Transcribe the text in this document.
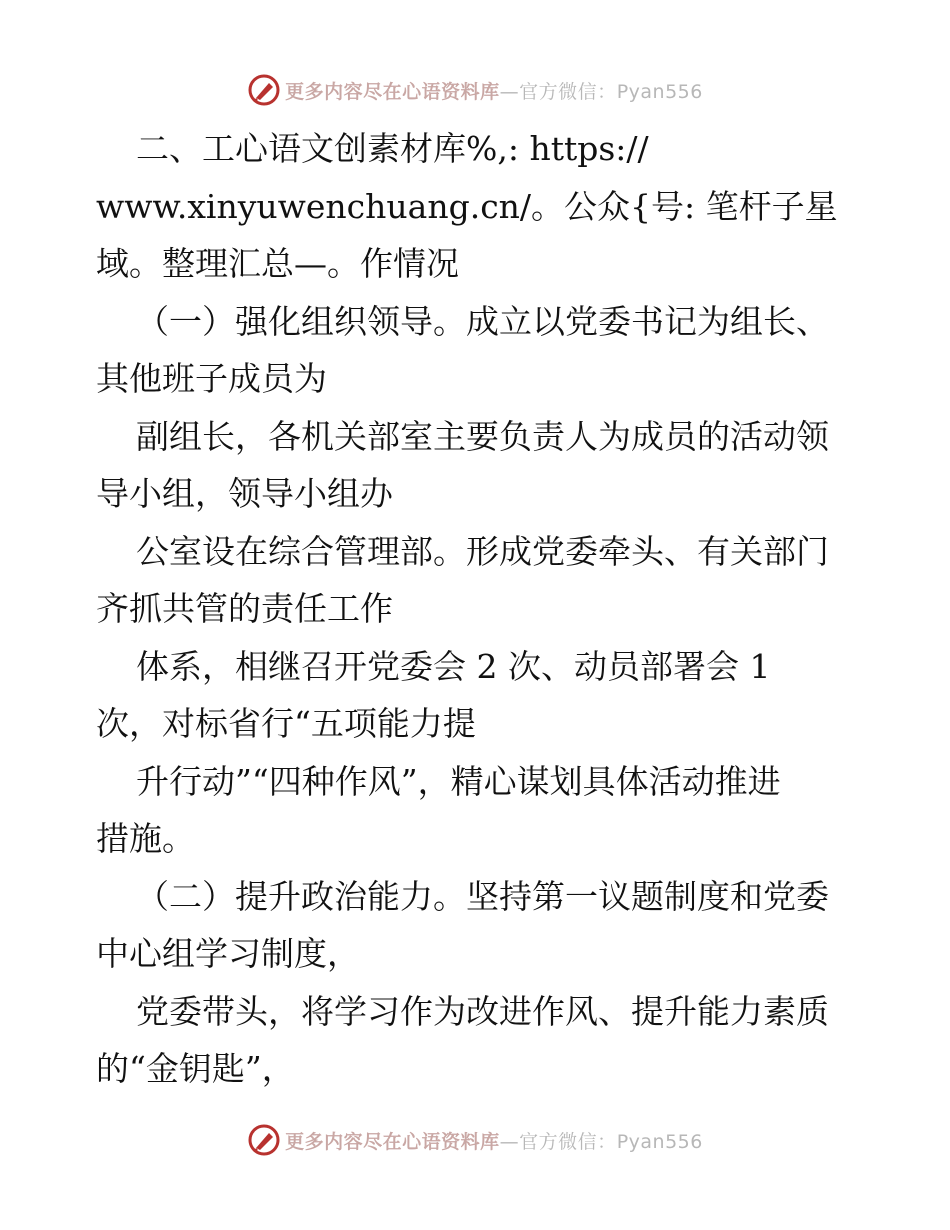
更多内容尽在心语资料库—官方微信：Pyan556
二、工心语文创素材库%,: https://
www.xinyuwenchuang.cn/。公众{号: 笔杆子星
域。整理汇总—。作情况
（一）强化组织领导。成立以党委书记为组长、
其他班子成员为
副组长，各机关部室主要负责人为成员的活动领
导小组，领导小组办
公室设在综合管理部。形成党委牵头、有关部门
齐抓共管的责任工作
体系，相继召开党委会 2 次、动员部署会 1
次，对标省行“五项能力提
升行动”“四种作风”，精心谋划具体活动推进
措施。
（二）提升政治能力。坚持第一议题制度和党委
中心组学习制度，
党委带头，将学习作为改进作风、提升能力素质
的“金钥匙”，
更多内容尽在心语资料库—官方微信：Pyan556
